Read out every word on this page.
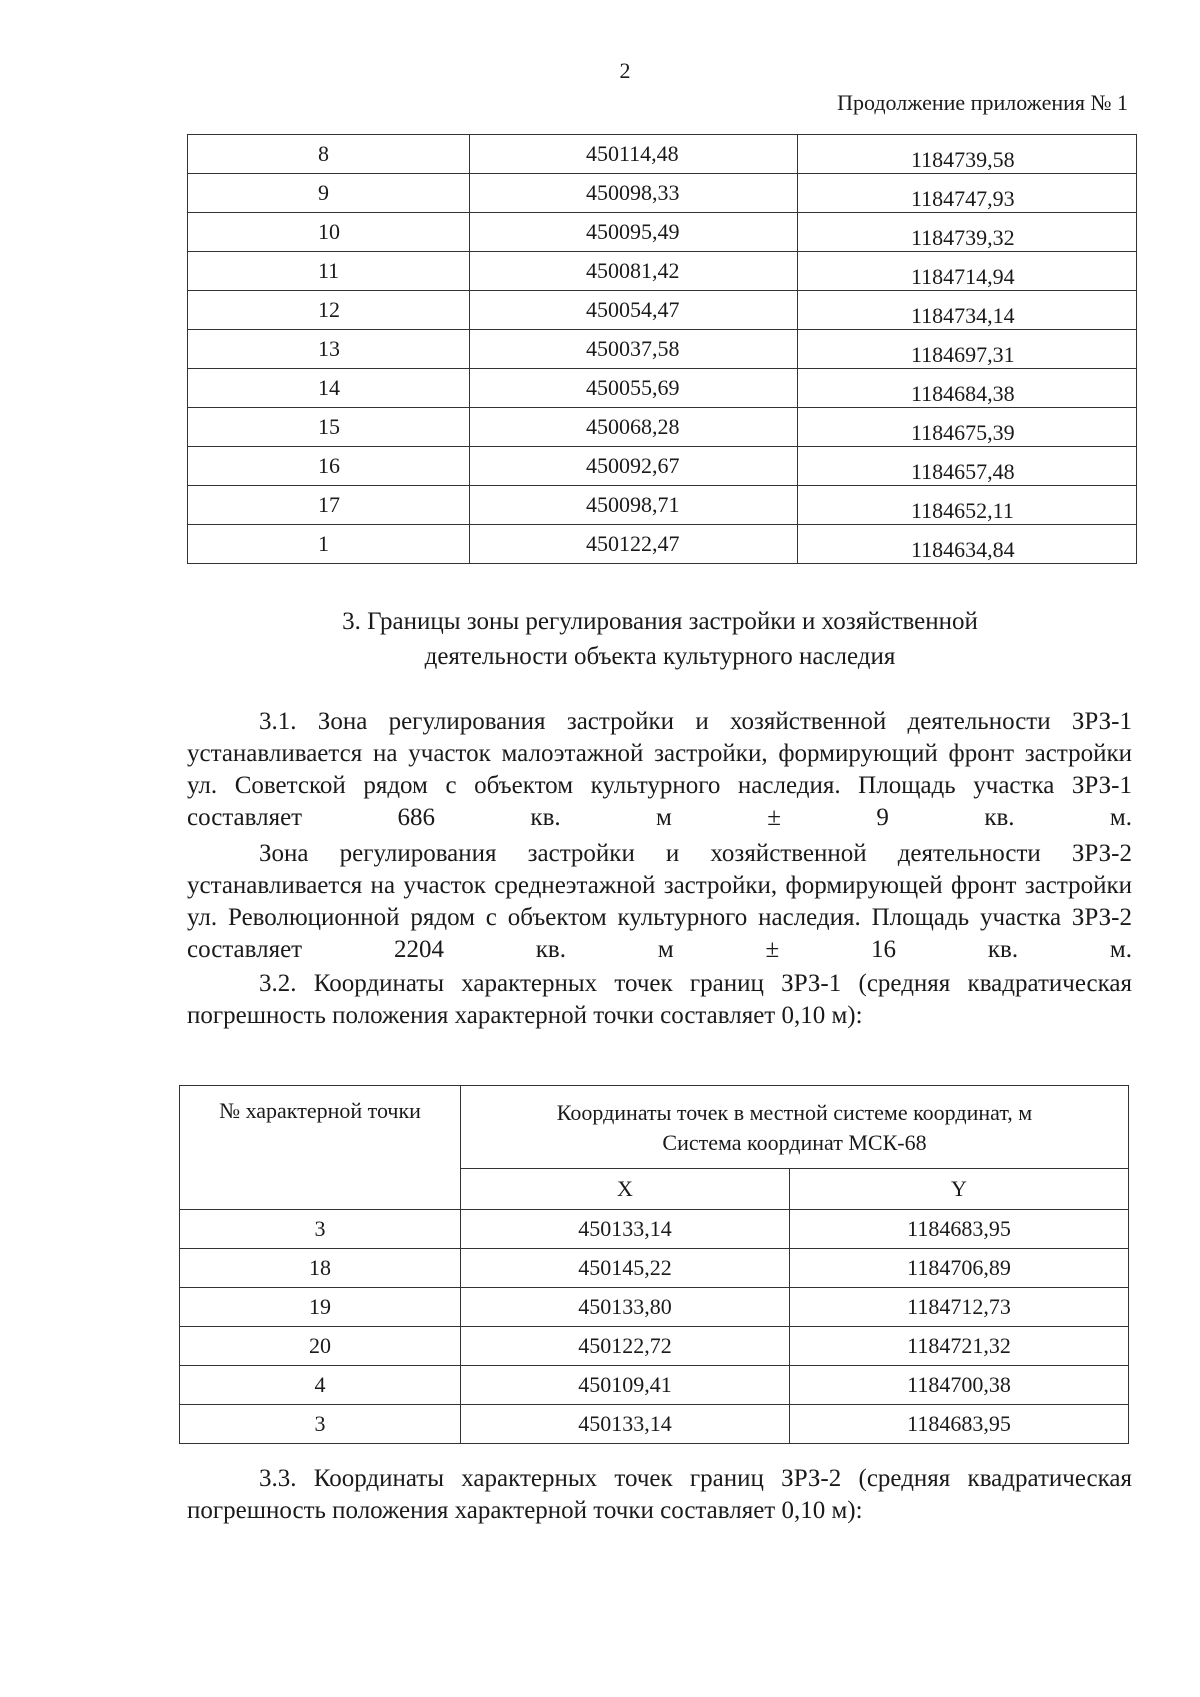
2
Продолжение приложения № 1
8	450114,48	1184739,58
9	450098,33	1184747,93
10	450095,49	1184739,32
11	450081,42	1184714,94
12	450054,47	1184734,14
13	450037,58	1184697,31
14	450055,69	1184684,38
15	450068,28	1184675,39
16	450092,67	1184657,48
17	450098,71	1184652,11
1	450122,47	1184634,84
3. Границы зоны регулирования застройки и хозяйственной
деятельности объекта культурного наследия
3.1. Зона регулирования застройки и хозяйственной деятельности ЗРЗ-1 устанавливается на участок малоэтажной застройки, формирующий фронт застройки ул. Советской рядом с объектом культурного наследия. Площадь участка ЗРЗ-1 составляет 686 кв. м ± 9 кв. м.
Зона регулирования застройки и хозяйственной деятельности ЗРЗ-2 устанавливается на участок среднеэтажной застройки, формирующей фронт застройки ул. Революционной рядом с объектом культурного наследия. Площадь участка ЗРЗ-2 составляет 2204 кв. м ± 16 кв. м.
3.2. Координаты характерных точек границ ЗРЗ-1 (средняя квадратическая погрешность положения характерной точки составляет 0,10 м):
№ характерной точки	Координаты точек в местной системе координат, м
Система координат МСК-68	

	X	Y
3	450133,14	1184683,95
18	450145,22	1184706,89
19	450133,80	1184712,73
20	450122,72	1184721,32
4	450109,41	1184700,38
3	450133,14	1184683,95
3.3. Координаты характерных точек границ ЗРЗ-2 (средняя квадратическая погрешность положения характерной точки составляет 0,10 м):
